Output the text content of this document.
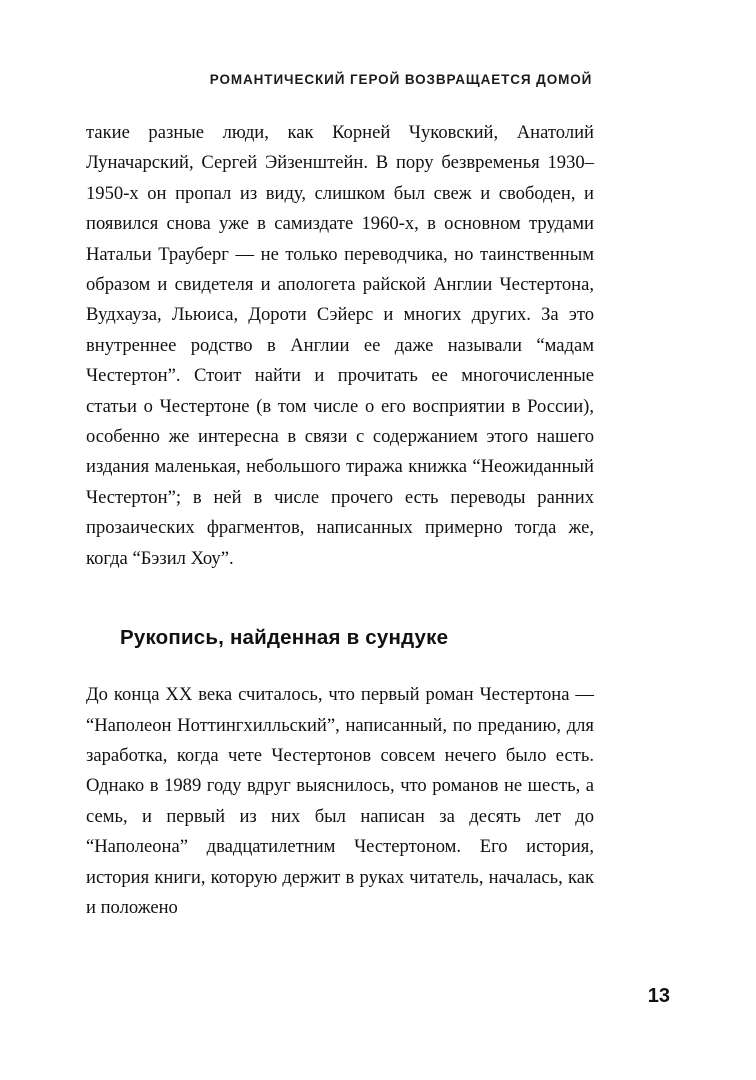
РОМАНТИЧЕСКИЙ ГЕРОЙ ВОЗВРАЩАЕТСЯ ДОМОЙ

такие разные люди, как Корней Чуковский, Анатолий Луначарский, Сергей Эйзенштейн. В пору безвременья 1930–1950-х он пропал из виду, слишком был свеж и свободен, и появился снова уже в самиздате 1960-х, в основном трудами Натальи Трауберг — не только переводчика, но таинственным образом и свидетеля и апологета райской Англии Честертона, Вудхауза, Льюиса, Дороти Сэйерс и многих других. За это внутреннее родство в Англии ее даже называли “мадам Честертон”. Стоит найти и прочитать ее многочисленные статьи о Честертоне (в том числе о его восприятии в России), особенно же интересна в связи с содержанием этого нашего издания маленькая, небольшого тиража книжка “Неожиданный Честертон”; в ней в числе прочего есть переводы ранних прозаических фрагментов, написанных примерно тогда же, когда “Бэзил Хоу”.

Рукопись, найденная в сундуке

До конца XX века считалось, что первый роман Честертона — “Наполеон Ноттингхилльский”, написанный, по преданию, для заработка, когда чете Честертонов совсем нечего было есть. Однако в 1989 году вдруг выяснилось, что романов не шесть, а семь, и первый из них был написан за десять лет до “Наполеона” двадцатилетним Честертоном. Его история, история книги, которую держит в руках читатель, началась, как и положено

13
